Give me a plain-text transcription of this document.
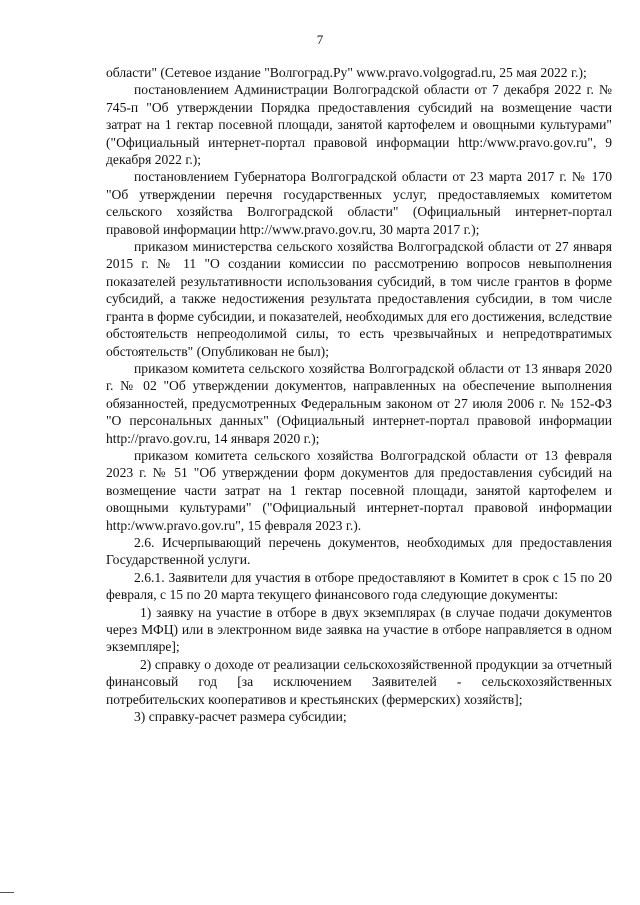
7

области" (Сетевое издание "Волгоград.Ру" www.pravo.volgograd.ru, 25 мая 2022 г.);

постановлением Администрации Волгоградской области от 7 декабря 2022 г. № 745-п "Об утверждении Порядка предоставления субсидий на возмещение части затрат на 1 гектар посевной площади, занятой картофелем и овощными культурами" ("Официальный интернет-портал правовой информации http:/www.pravo.gov.ru", 9 декабря 2022 г.);

постановлением Губернатора Волгоградской области от 23 марта 2017 г. № 170 "Об утверждении перечня государственных услуг, предоставляемых комитетом сельского хозяйства Волгоградской области" (Официальный интернет-портал правовой информации http://www.pravo.gov.ru, 30 марта 2017 г.);

приказом министерства сельского хозяйства Волгоградской области от 27 января 2015 г. № 11 "О создании комиссии по рассмотрению вопросов невыполнения показателей результативности использования субсидий, в том числе грантов в форме субсидий, а также недостижения результата предоставления субсидии, в том числе гранта в форме субсидии, и показателей, необходимых для его достижения, вследствие обстоятельств непреодолимой силы, то есть чрезвычайных и непредотвратимых обстоятельств" (Опубликован не был);

приказом комитета сельского хозяйства Волгоградской области от 13 января 2020 г. № 02 "Об утверждении документов, направленных на обеспечение выполнения обязанностей, предусмотренных Федеральным законом от 27 июля 2006 г. № 152-ФЗ "О персональных данных" (Официальный интернет-портал правовой информации http://pravo.gov.ru, 14 января 2020 г.);

приказом комитета сельского хозяйства Волгоградской области от 13 февраля 2023 г. № 51 "Об утверждении форм документов для предоставления субсидий на возмещение части затрат на 1 гектар посевной площади, занятой картофелем и овощными культурами" ("Официальный интернет-портал правовой информации http:/www.pravo.gov.ru", 15 февраля 2023 г.).

2.6. Исчерпывающий перечень документов, необходимых для предоставления Государственной услуги.

2.6.1. Заявители для участия в отборе предоставляют в Комитет в срок с 15 по 20 февраля, с 15 по 20 марта текущего финансового года следующие документы:

1) заявку на участие в отборе в двух экземплярах (в случае подачи документов через МФЦ) или в электронном виде заявка на участие в отборе направляется в одном экземпляре];

2) справку о доходе от реализации сельскохозяйственной продукции за отчетный финансовый год [за исключением Заявителей - сельскохозяйственных потребительских кооперативов и крестьянских (фермерских) хозяйств];

3) справку-расчет размера субсидии;
